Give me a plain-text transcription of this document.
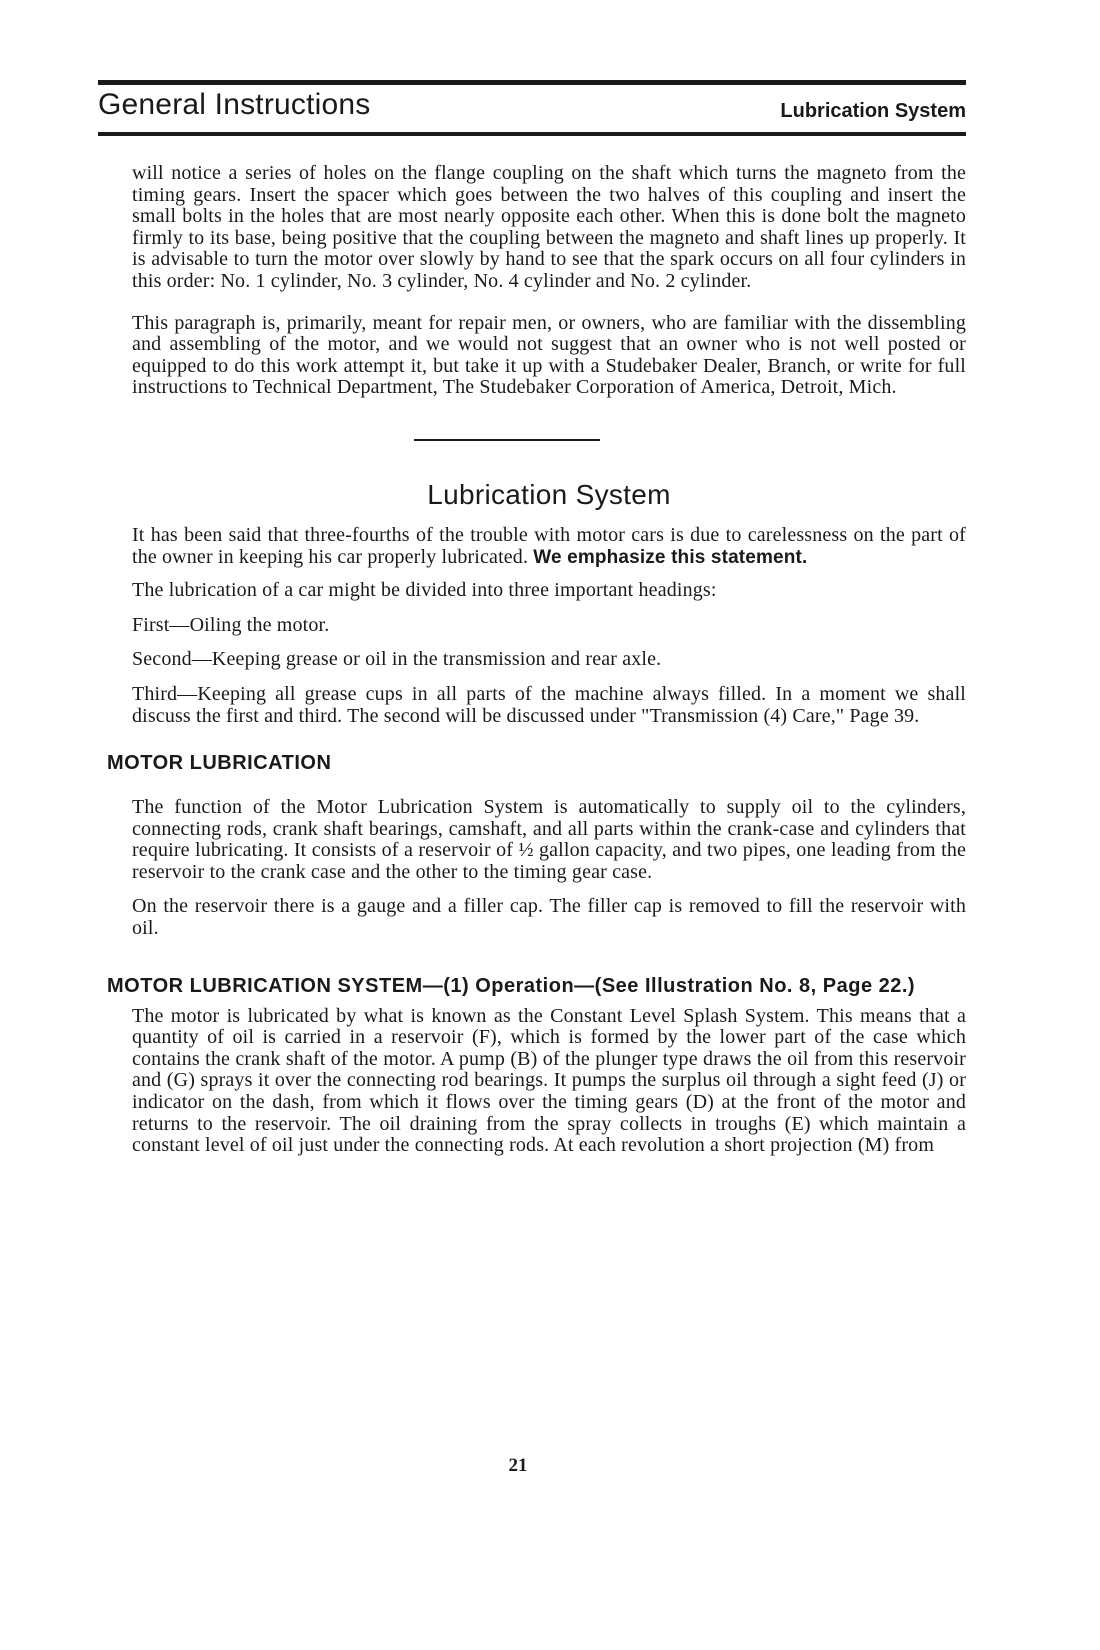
General Instructions	Lubrication System

will notice a series of holes on the flange coupling on the shaft which turns the magneto from the timing gears. Insert the spacer which goes between the two halves of this coupling and insert the small bolts in the holes that are most nearly opposite each other. When this is done bolt the magneto firmly to its base, being positive that the coupling between the magneto and shaft lines up properly. It is advisable to turn the motor over slowly by hand to see that the spark occurs on all four cylinders in this order: No. 1 cylinder, No. 3 cylinder, No. 4 cylinder and No. 2 cylinder.

This paragraph is, primarily, meant for repair men, or owners, who are familiar with the dissembling and assembling of the motor, and we would not suggest that an owner who is not well posted or equipped to do this work attempt it, but take it up with a Studebaker Dealer, Branch, or write for full instructions to Technical Department, The Studebaker Corporation of America, Detroit, Mich.

Lubrication System

It has been said that three-fourths of the trouble with motor cars is due to carelessness on the part of the owner in keeping his car properly lubricated. We emphasize this statement.

The lubrication of a car might be divided into three important headings:

First—Oiling the motor.

Second—Keeping grease or oil in the transmission and rear axle.

Third—Keeping all grease cups in all parts of the machine always filled. In a moment we shall discuss the first and third. The second will be discussed under "Transmission (4) Care," Page 39.

MOTOR LUBRICATION

The function of the Motor Lubrication System is automatically to supply oil to the cylinders, connecting rods, crank shaft bearings, camshaft, and all parts within the crank-case and cylinders that require lubricating. It consists of a reservoir of ½ gallon capacity, and two pipes, one leading from the reservoir to the crank case and the other to the timing gear case.

On the reservoir there is a gauge and a filler cap. The filler cap is removed to fill the reservoir with oil.

MOTOR LUBRICATION SYSTEM—(1) Operation—(See Illustration No. 8, Page 22.)

The motor is lubricated by what is known as the Constant Level Splash System. This means that a quantity of oil is carried in a reservoir (F), which is formed by the lower part of the case which contains the crank shaft of the motor. A pump (B) of the plunger type draws the oil from this reservoir and (G) sprays it over the connecting rod bearings. It pumps the surplus oil through a sight feed (J) or indicator on the dash, from which it flows over the timing gears (D) at the front of the motor and returns to the reservoir. The oil draining from the spray collects in troughs (E) which maintain a constant level of oil just under the connecting rods. At each revolution a short projection (M) from

21
